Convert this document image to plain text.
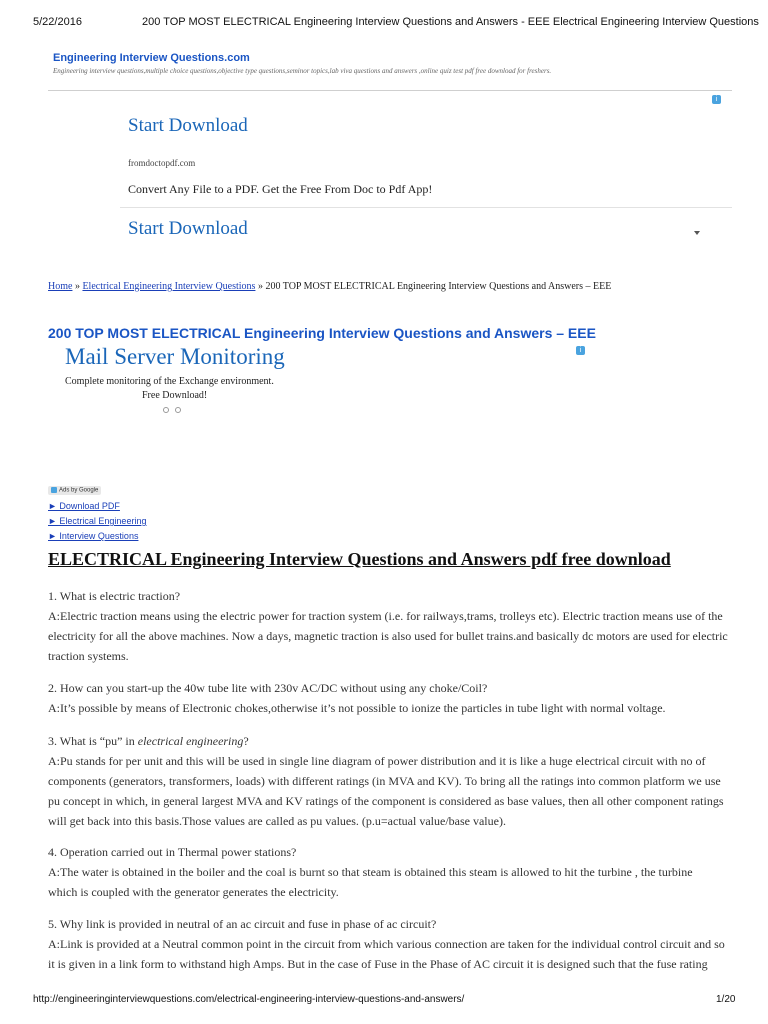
5/22/2016	200 TOP MOST ELECTRICAL Engineering Interview Questions and Answers - EEE Electrical Engineering Interview Questions
Engineering Interview Questions.com
Engineering interview questions,multiple choice questions,objective type questions,seminor topics,lab viva questions and answers ,online quiz test pdf free download for freshers.
i
Start Download
fromdoctopdf.com
Convert Any File to a PDF. Get the Free From Doc to Pdf App!
Start Download
Home » Electrical Engineering Interview Questions » 200 TOP MOST ELECTRICAL Engineering Interview Questions and Answers – EEE
200 TOP MOST ELECTRICAL Engineering Interview Questions and Answers – EEE
i
Mail Server Monitoring
Complete monitoring of the Exchange environment.
Free Download!
Ads by Google
► Download PDF
► Electrical Engineering
► Interview Questions
ELECTRICAL Engineering Interview Questions and Answers pdf free download
1. What is electric traction?
A:Electric traction means using the electric power for traction system (i.e. for railways,trams, trolleys etc). Electric traction means use of the
electricity for all the above machines. Now a days, magnetic traction is also used for bullet trains.and basically dc motors are used for electric
traction systems.
2. How can you start-up the 40w tube lite with 230v AC/DC without using any choke/Coil?
A:It’s possible by means of Electronic chokes,otherwise it’s not possible to ionize the particles in tube light with normal voltage.
3. What is “pu” in electrical engineering?
A:Pu stands for per unit and this will be used in single line diagram of power distribution and it is like a huge electrical circuit with no of
components (generators, transformers, loads) with different ratings (in MVA and KV). To bring all the ratings into common platform we use
pu concept in which, in general largest MVA and KV ratings of the component is considered as base values, then all other component ratings
will get back into this basis.Those values are called as pu values. (p.u=actual value/base value).
4. Operation carried out in Thermal power stations?
A:The water is obtained in the boiler and the coal is burnt so that steam is obtained this steam is allowed to hit the turbine , the turbine
which is coupled with the generator generates the electricity.
5. Why link is provided in neutral of an ac circuit and fuse in phase of ac circuit?
A:Link is provided at a Neutral common point in the circuit from which various connection are taken for the individual control circuit and so
it is given in a link form to withstand high Amps. But in the case of Fuse in the Phase of AC circuit it is designed such that the fuse rating
http://engineeringinterviewquestions.com/electrical-engineering-interview-questions-and-answers/	1/20
